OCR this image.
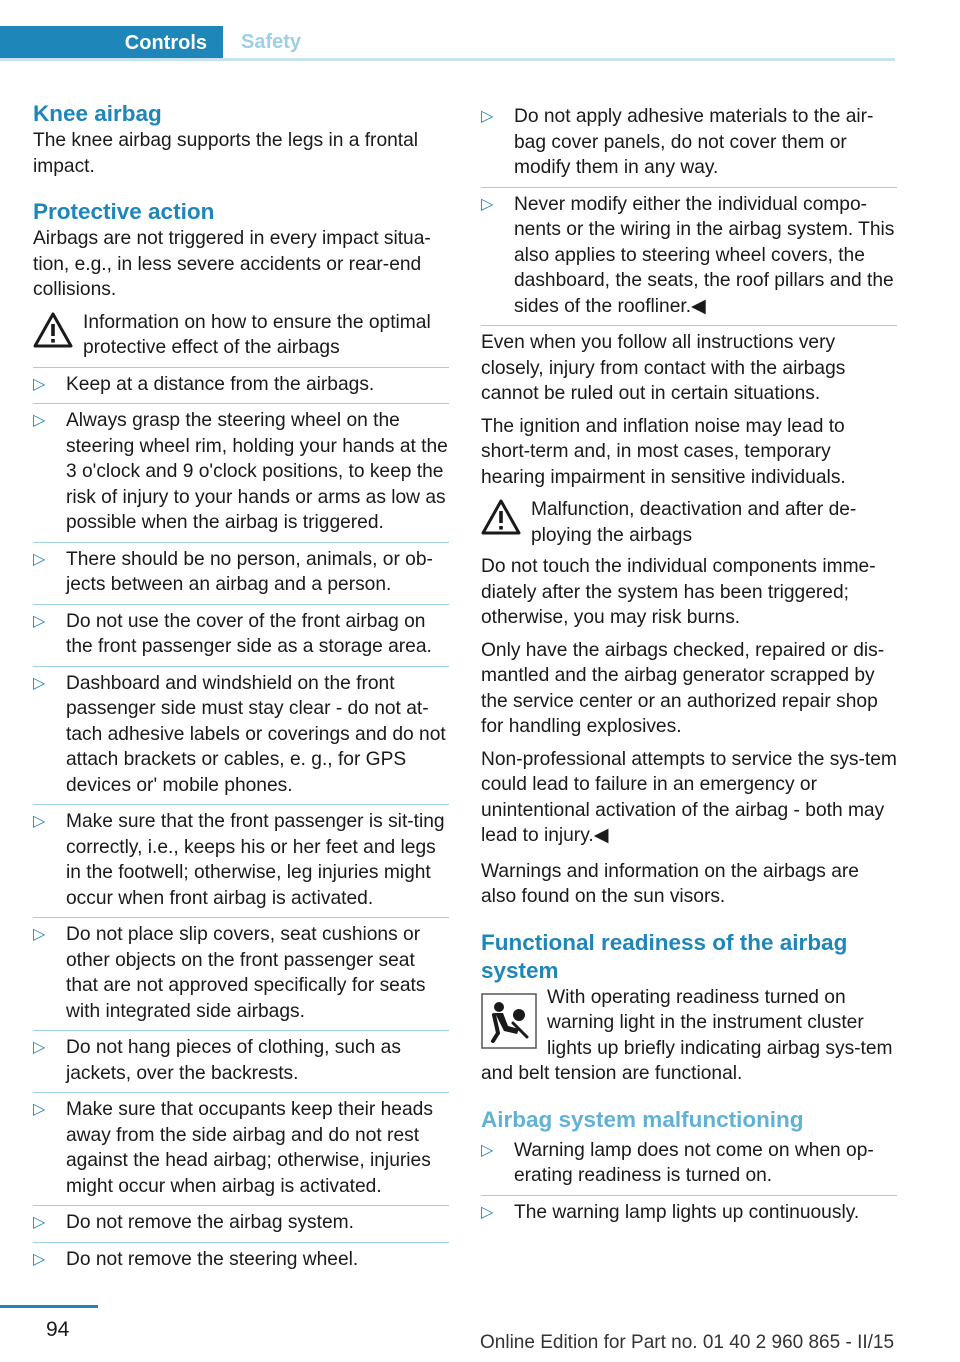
Controls	Safety
Knee airbag

The knee airbag supports the legs in a frontal impact.

Protective action

Airbags are not triggered in every impact situa-tion, e.g., in less severe accidents or rear-end collisions.

Information on how to ensure the optimal protective effect of the airbags
▷ Keep at a distance from the airbags.
▷ Always grasp the steering wheel on the steering wheel rim, holding your hands at the 3 o'clock and 9 o'clock positions, to keep the risk of injury to your hands or arms as low as possible when the airbag is triggered.
▷ There should be no person, animals, or ob-jects between an airbag and a person.
▷ Do not use the cover of the front airbag on the front passenger side as a storage area.
▷ Dashboard and windshield on the front passenger side must stay clear - do not at-tach adhesive labels or coverings and do not attach brackets or cables, e. g., for GPS devices or' mobile phones.
▷ Make sure that the front passenger is sit-ting correctly, i.e., keeps his or her feet and legs in the footwell; otherwise, leg injuries might occur when front airbag is activated.
▷ Do not place slip covers, seat cushions or other objects on the front passenger seat that are not approved specifically for seats with integrated side airbags.
▷ Do not hang pieces of clothing, such as jackets, over the backrests.
▷ Make sure that occupants keep their heads away from the side airbag and do not rest against the head airbag; otherwise, injuries might occur when airbag is activated.
▷ Do not remove the airbag system.
▷ Do not remove the steering wheel.
▷ Do not apply adhesive materials to the air-bag cover panels, do not cover them or modify them in any way.
▷ Never modify either the individual compo-nents or the wiring in the airbag system. This also applies to steering wheel covers, the dashboard, the seats, the roof pillars and the sides of the roofliner.◀

Even when you follow all instructions very closely, injury from contact with the airbags cannot be ruled out in certain situations.

The ignition and inflation noise may lead to short-term and, in most cases, temporary hearing impairment in sensitive individuals.

Malfunction, deactivation and after de-ploying the airbags

Do not touch the individual components imme-diately after the system has been triggered; otherwise, you may risk burns.

Only have the airbags checked, repaired or dis-mantled and the airbag generator scrapped by the service center or an authorized repair shop for handling explosives.

Non-professional attempts to service the sys-tem could lead to failure in an emergency or unintentional activation of the airbag - both may lead to injury.◀

Warnings and information on the airbags are also found on the sun visors.

Functional readiness of the airbag system

With operating readiness turned on warning light in the instrument cluster lights up briefly indicating airbag sys-tem and belt tension are functional.

Airbag system malfunctioning
▷ Warning lamp does not come on when op-erating readiness is turned on.
▷ The warning lamp lights up continuously.
94
Online Edition for Part no. 01 40 2 960 865 - II/15
